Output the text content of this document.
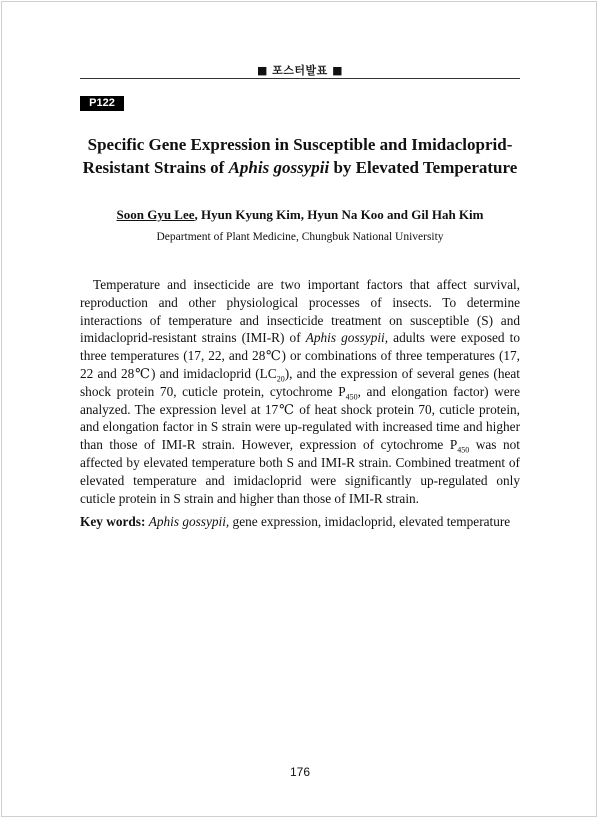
■ 포스터발표 ■
P122
Specific Gene Expression in Susceptible and Imidacloprid-Resistant Strains of Aphis gossypii by Elevated Temperature
Soon Gyu Lee, Hyun Kyung Kim, Hyun Na Koo and Gil Hah Kim
Department of Plant Medicine, Chungbuk National University

Temperature and insecticide are two important factors that affect survival, reproduction and other physiological processes of insects. To determine interactions of temperature and insecticide treatment on susceptible (S) and imidacloprid-resistant strains (IMI-R) of Aphis gossypii, adults were exposed to three temperatures (17, 22, and 28℃) or combinations of three temperatures (17, 22 and 28℃) and imidacloprid $(LC_{20})$, and the expression of several genes (heat shock protein 70, cuticle protein, cytochrome $P_{450}$, and elongation factor) were analyzed. The expression level at 17℃ of heat shock protein 70, cuticle protein, and elongation factor in S strain were up-regulated with increased time and higher than those of IMI-R strain. However, expression of cytochrome $P_{450}$ was not affected by elevated temperature both S and IMI-R strain. Combined treatment of elevated temperature and imidacloprid were significantly up-regulated only cuticle protein in S strain and higher than those of IMI-R strain.

Key words: Aphis gossypii, gene expression, imidacloprid, elevated temperature
176
